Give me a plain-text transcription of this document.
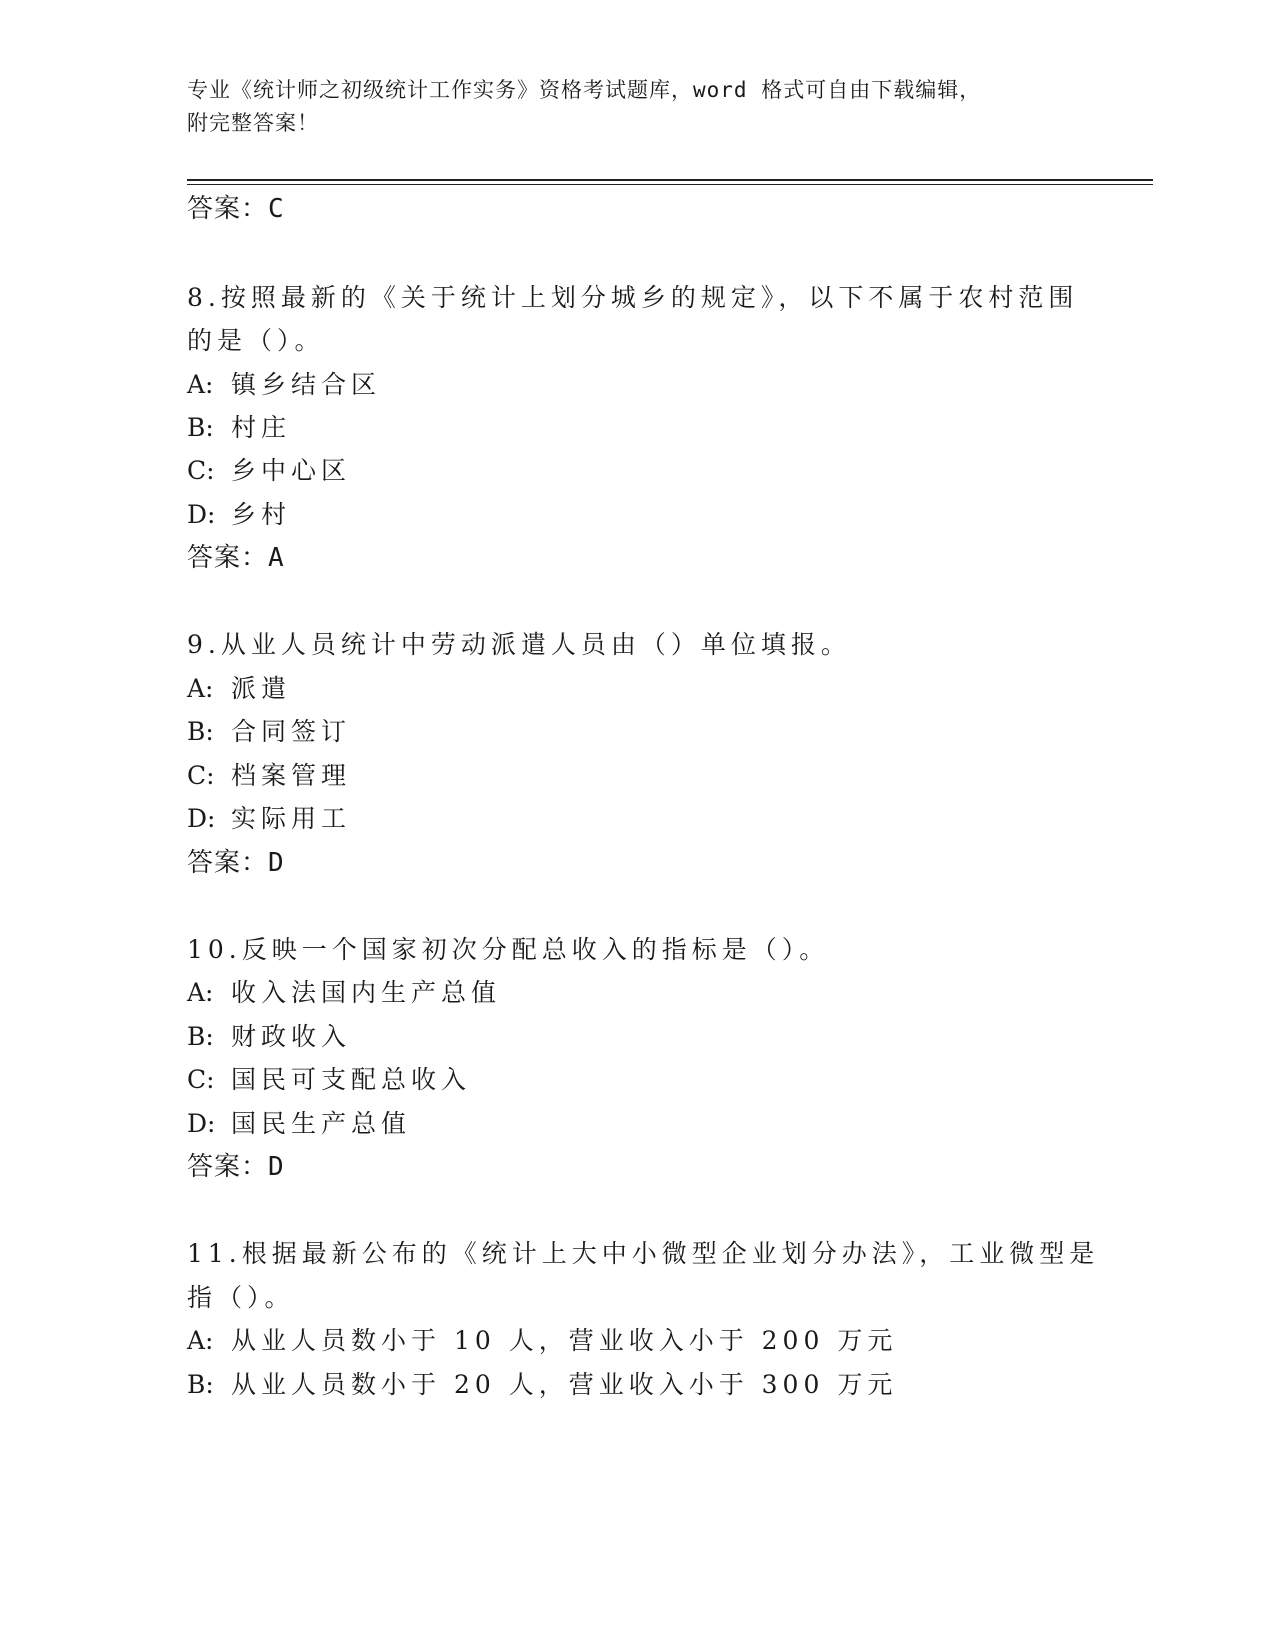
专业《统计师之初级统计工作实务》资格考试题库，word 格式可自由下载编辑，
附完整答案！
答案：C
8.按照最新的《关于统计上划分城乡的规定》，以下不属于农村范围
的是（）。
A: 镇乡结合区
B: 村庄
C: 乡中心区
D: 乡村
答案：A
9.从业人员统计中劳动派遣人员由（）单位填报。
A: 派遣
B: 合同签订
C: 档案管理
D: 实际用工
答案：D
10.反映一个国家初次分配总收入的指标是（）。
A: 收入法国内生产总值
B: 财政收入
C: 国民可支配总收入
D: 国民生产总值
答案：D
11.根据最新公布的《统计上大中小微型企业划分办法》，工业微型是
指（）。
A: 从业人员数小于 10 人，营业收入小于 200 万元
B: 从业人员数小于 20 人，营业收入小于 300 万元
